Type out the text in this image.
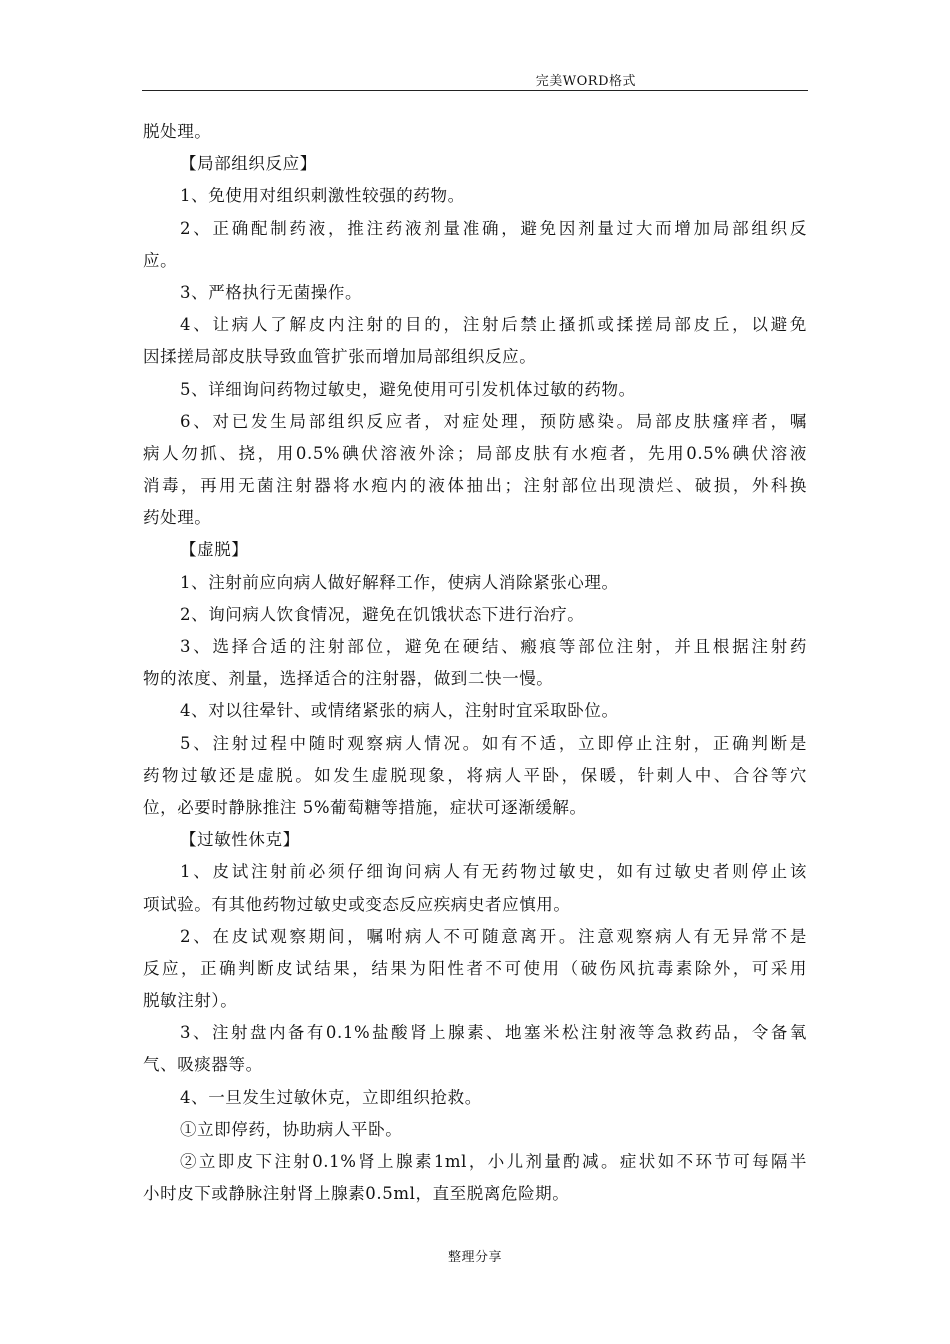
完美WORD格式
脱处理。
【局部组织反应】
1、免使用对组织刺激性较强的药物。
2、正确配制药液，推注药液剂量准确，避免因剂量过大而增加局部组织反
应。
3、严格执行无菌操作。
4、让病人了解皮内注射的目的，注射后禁止搔抓或揉搓局部皮丘，以避免
因揉搓局部皮肤导致血管扩张而增加局部组织反应。
5、详细询问药物过敏史，避免使用可引发机体过敏的药物。
6、对已发生局部组织反应者，对症处理，预防感染。局部皮肤瘙痒者，嘱
病人勿抓、挠，用0.5%碘伏溶液外涂；局部皮肤有水疱者，先用0.5%碘伏溶液
消毒，再用无菌注射器将水疱内的液体抽出；注射部位出现溃烂、破损，外科换
药处理。
【虚脱】
1、注射前应向病人做好解释工作，使病人消除紧张心理。
2、询问病人饮食情况，避免在饥饿状态下进行治疗。
3、选择合适的注射部位，避免在硬结、瘢痕等部位注射，并且根据注射药
物的浓度、剂量，选择适合的注射器，做到二快一慢。
4、对以往晕针、或情绪紧张的病人，注射时宜采取卧位。
5、注射过程中随时观察病人情况。如有不适，立即停止注射，正确判断是
药物过敏还是虚脱。如发生虚脱现象，将病人平卧，保暖，针刺人中、合谷等穴
位，必要时静脉推注 5%葡萄糖等措施，症状可逐渐缓解。
【过敏性休克】
1、皮试注射前必须仔细询问病人有无药物过敏史，如有过敏史者则停止该
项试验。有其他药物过敏史或变态反应疾病史者应慎用。
2、在皮试观察期间，嘱咐病人不可随意离开。注意观察病人有无异常不是
反应，正确判断皮试结果，结果为阳性者不可使用（破伤风抗毒素除外，可采用
脱敏注射）。
3、注射盘内备有0.1%盐酸肾上腺素、地塞米松注射液等急救药品，令备氧
气、吸痰器等。
4、一旦发生过敏休克，立即组织抢救。
①立即停药，协助病人平卧。
②立即皮下注射0.1%肾上腺素1ml，小儿剂量酌减。症状如不环节可每隔半
小时皮下或静脉注射肾上腺素0.5ml，直至脱离危险期。
整理分享
